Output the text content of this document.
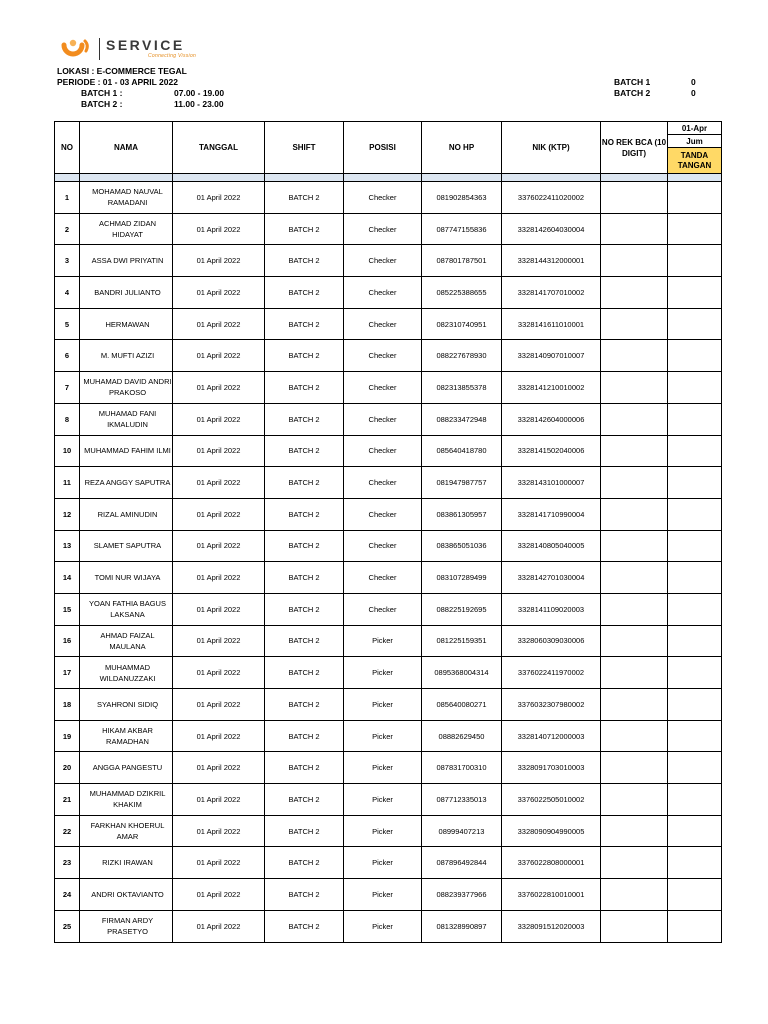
SERVICE
Connecting Vission
LOKASI : E-COMMERCE TEGAL
PERIODE : 01 - 03 APRIL 2022
BATCH 1 :	07.00 - 19.00
BATCH 2 :	11.00 - 23.00
BATCH 1	0
BATCH 2	0
NO	NAMA	TANGGAL	SHIFT	POSISI	NO HP	NIK (KTP)	NO REK BCA (10 DIGIT)	01-Apr
								Jum
								TANDA TANGAN

1	MOHAMAD NAUVAL RAMADANI	01 April 2022	BATCH 2	Checker	081902854363	3376022411020002		
2	ACHMAD ZIDAN HIDAYAT	01 April 2022	BATCH 2	Checker	087747155836	3328142604030004		
3	ASSA DWI PRIYATIN	01 April 2022	BATCH 2	Checker	087801787501	3328144312000001		
4	BANDRI JULIANTO	01 April 2022	BATCH 2	Checker	085225388655	3328141707010002		
5	HERMAWAN	01 April 2022	BATCH 2	Checker	082310740951	3328141611010001		
6	M. MUFTI AZIZI	01 April 2022	BATCH 2	Checker	088227678930	3328140907010007		
7	MUHAMAD DAVID ANDRI PRAKOSO	01 April 2022	BATCH 2	Checker	082313855378	3328141210010002		
8	MUHAMAD FANI IKMALUDIN	01 April 2022	BATCH 2	Checker	088233472948	3328142604000006		
10	MUHAMMAD FAHIM ILMI	01 April 2022	BATCH 2	Checker	085640418780	3328141502040006		
11	REZA ANGGY SAPUTRA	01 April 2022	BATCH 2	Checker	081947987757	3328143101000007		
12	RIZAL AMINUDIN	01 April 2022	BATCH 2	Checker	083861305957	3328141710990004		
13	SLAMET SAPUTRA	01 April 2022	BATCH 2	Checker	083865051036	3328140805040005		
14	TOMI NUR WIJAYA	01 April 2022	BATCH 2	Checker	083107289499	3328142701030004		
15	YOAN FATHIA BAGUS LAKSANA	01 April 2022	BATCH 2	Checker	088225192695	3328141109020003		
16	AHMAD FAIZAL MAULANA	01 April 2022	BATCH 2	Picker	081225159351	3328060309030006		
17	MUHAMMAD WILDANUZZAKI	01 April 2022	BATCH 2	Picker	0895368004314	3376022411970002		
18	SYAHRONI SIDIQ	01 April 2022	BATCH 2	Picker	085640080271	3376032307980002		
19	HIKAM AKBAR RAMADHAN	01 April 2022	BATCH 2	Picker	08882629450	3328140712000003		
20	ANGGA PANGESTU	01 April 2022	BATCH 2	Picker	087831700310	3328091703010003		
21	MUHAMMAD DZIKRIL KHAKIM	01 April 2022	BATCH 2	Picker	087712335013	3376022505010002		
22	FARKHAN KHOERUL AMAR	01 April 2022	BATCH 2	Picker	08999407213	3328090904990005		
23	RIZKI IRAWAN	01 April 2022	BATCH 2	Picker	087896492844	3376022808000001		
24	ANDRI OKTAVIANTO	01 April 2022	BATCH 2	Picker	088239377966	3376022810010001		
25	FIRMAN ARDY PRASETYO	01 April 2022	BATCH 2	Picker	081328990897	3328091512020003		
